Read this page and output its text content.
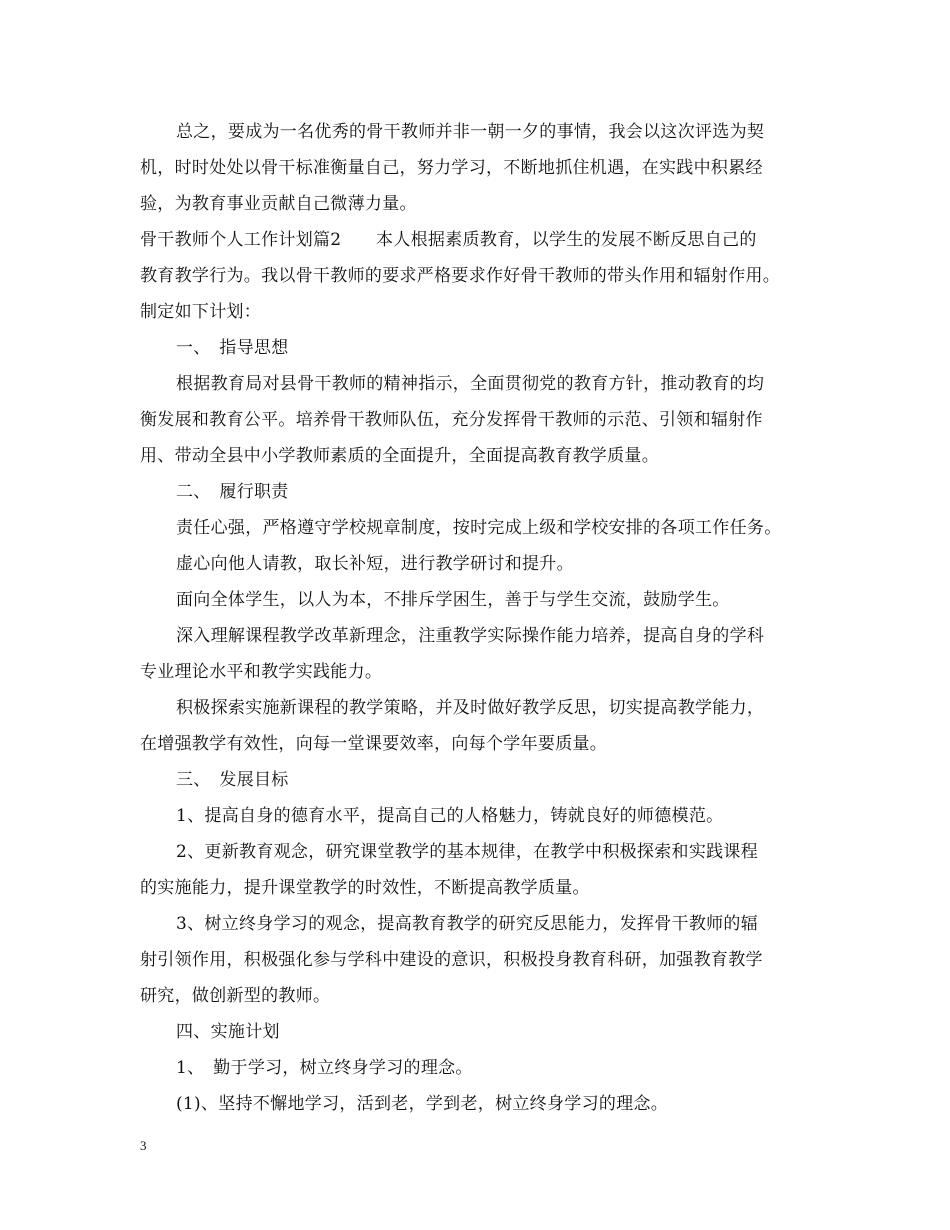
总之，要成为一名优秀的骨干教师并非一朝一夕的事情，我会以这次评选为契
机，时时处处以骨干标准衡量自己，努力学习，不断地抓住机遇，在实践中积累经
验，为教育事业贡献自己微薄力量。
骨干教师个人工作计划篇2　　本人根据素质教育，以学生的发展不断反思自己的
教育教学行为。我以骨干教师的要求严格要求作好骨干教师的带头作用和辐射作用。
制定如下计划：
一、　指导思想
根据教育局对县骨干教师的精神指示，全面贯彻党的教育方针，推动教育的均
衡发展和教育公平。培养骨干教师队伍，充分发挥骨干教师的示范、引领和辐射作
用、带动全县中小学教师素质的全面提升，全面提高教育教学质量。
二、　履行职责
责任心强，严格遵守学校规章制度，按时完成上级和学校安排的各项工作任务。
虚心向他人请教，取长补短，进行教学研讨和提升。
面向全体学生，以人为本，不排斥学困生，善于与学生交流，鼓励学生。
深入理解课程教学改革新理念，注重教学实际操作能力培养，提高自身的学科
专业理论水平和教学实践能力。
积极探索实施新课程的教学策略，并及时做好教学反思，切实提高教学能力，
在增强教学有效性，向每一堂课要效率，向每个学年要质量。
三、　发展目标
1、提高自身的德育水平，提高自己的人格魅力，铸就良好的师德模范。
2、更新教育观念，研究课堂教学的基本规律，在教学中积极探索和实践课程
的实施能力，提升课堂教学的时效性，不断提高教学质量。
3、树立终身学习的观念，提高教育教学的研究反思能力，发挥骨干教师的辐
射引领作用，积极强化参与学科中建设的意识，积极投身教育科研，加强教育教学
研究，做创新型的教师。
四、实施计划
1、　勤于学习，树立终身学习的理念。
(1)、坚持不懈地学习，活到老，学到老，树立终身学习的理念。
3
